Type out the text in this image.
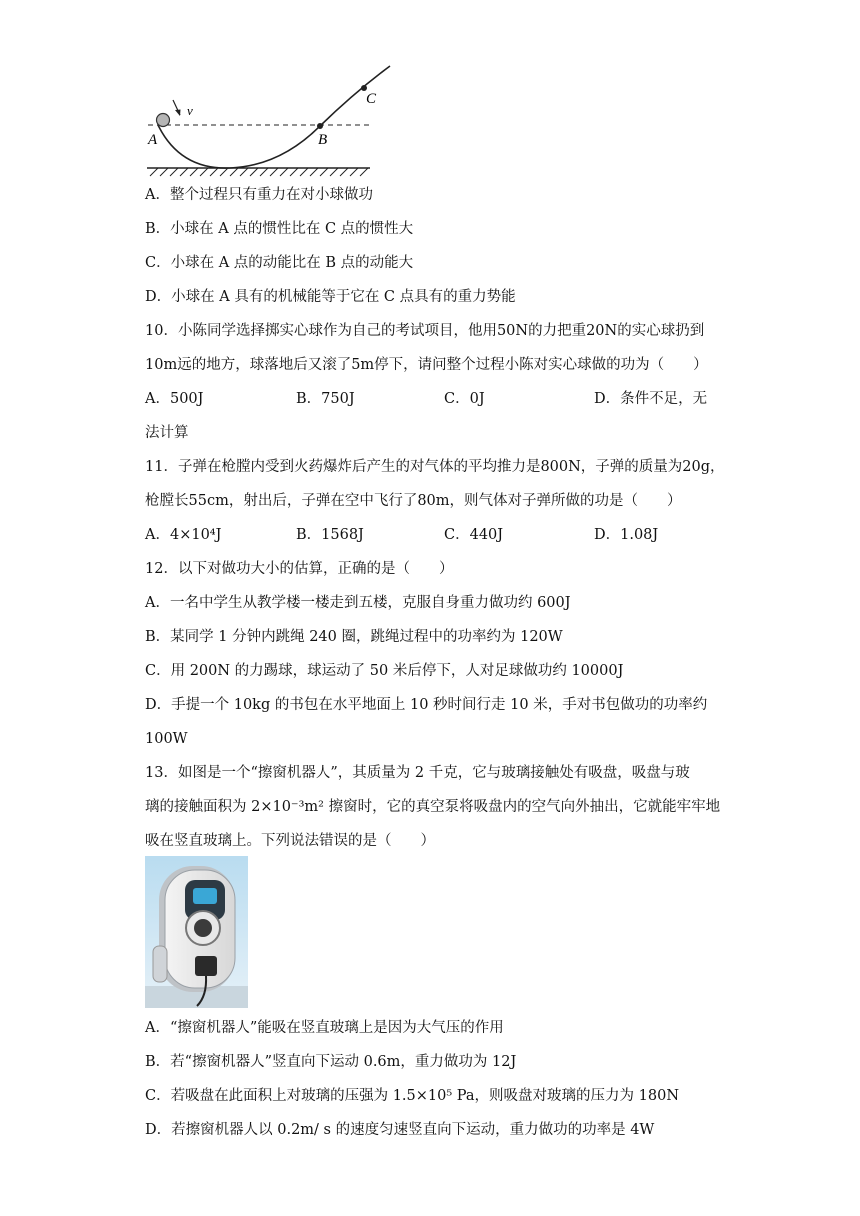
A	B
C
v
A．整个过程只有重力在对小球做功
B．小球在 A 点的惯性比在 C 点的惯性大
C．小球在 A 点的动能比在 B 点的动能大
D．小球在 A 具有的机械能等于它在 C 点具有的重力势能
10．小陈同学选择掷实心球作为自己的考试项目，他用50N的力把重20N的实心球扔到
10m远的地方，球落地后又滚了5m停下，请问整个过程小陈对实心球做的功为（　　）
A．500J	B．750J	C．0J	D．条件不足，无
法计算
11．子弹在枪膛内受到火药爆炸后产生的对气体的平均推力是800N，子弹的质量为20g，
枪膛长55cm，射出后，子弹在空中飞行了80m，则气体对子弹所做的功是（　　）
A．4×10⁴J	B．1568J	C．440J	D．1.08J
12．以下对做功大小的估算，正确的是（　　）
A．一名中学生从教学楼一楼走到五楼，克服自身重力做功约 600J
B．某同学 1 分钟内跳绳 240 圈，跳绳过程中的功率约为 120W
C．用 200N 的力踢球，球运动了 50 米后停下，人对足球做功约 10000J
D．手提一个 10kg 的书包在水平地面上 10 秒时间行走 10 米，手对书包做功的功率约
100W
13．如图是一个“擦窗机器人”，其质量为 2 千克，它与玻璃接触处有吸盘，吸盘与玻
璃的接触面积为 2×10⁻³m² 擦窗时，它的真空泵将吸盘内的空气向外抽出，它就能牢牢地
吸在竖直玻璃上。下列说法错误的是（　　）
A．“擦窗机器人”能吸在竖直玻璃上是因为大气压的作用
B．若“擦窗机器人”竖直向下运动 0.6m，重力做功为 12J
C．若吸盘在此面积上对玻璃的压强为 1.5×10⁵ Pa，则吸盘对玻璃的压力为 180N
D．若擦窗机器人以 0.2m/ s 的速度匀速竖直向下运动，重力做功的功率是 4W
